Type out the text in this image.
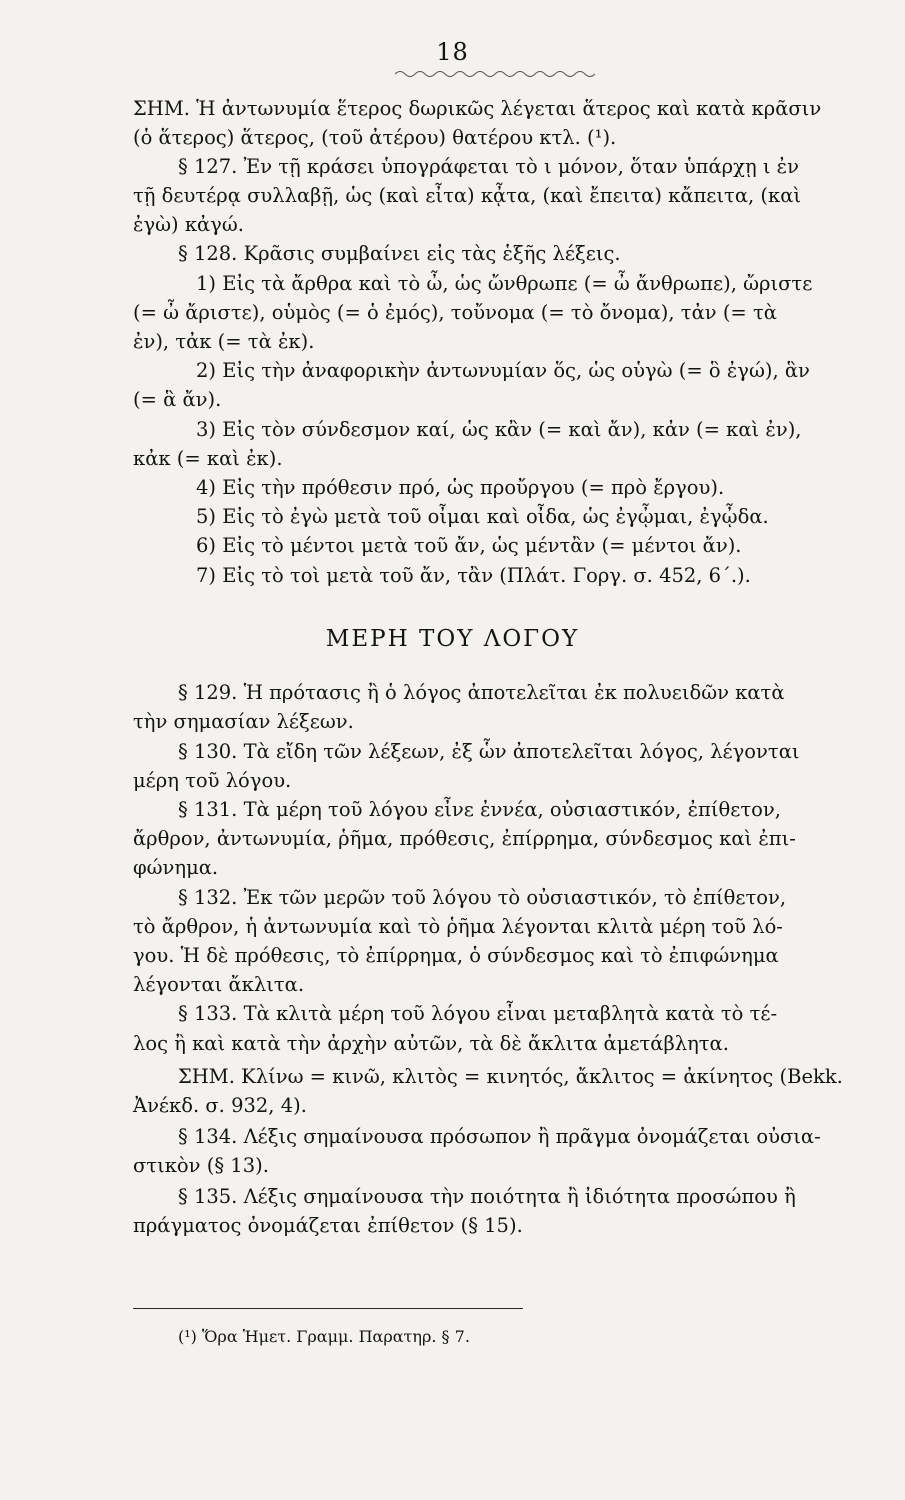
18
ΣΗΜ. Ἡ ἀντωνυμία ἕτερος δωρικῶς λέγεται ἅτερος καὶ κατὰ κρᾶσιν
(ὁ ἅτερος) ἅτερος, (τοῦ ἀτέρου) θατέρου κτλ. (¹).
§ 127. Ἐν τῇ κράσει ὑπογράφεται τὸ ι μόνον, ὅταν ὑπάρχῃ ι ἐν
τῇ δευτέρᾳ συλλαβῇ, ὡς (καὶ εἶτα) κᾆτα, (καὶ ἔπειτα) κἄπειτα, (καὶ
ἐγὼ) κἀγώ.
§ 128. Κρᾶσις συμβαίνει εἰς τὰς ἑξῆς λέξεις.
1) Εἰς τὰ ἄρθρα καὶ τὸ ὦ, ὡς ὤνθρωπε (= ὦ ἄνθρωπε), ὤριστε
(= ὦ ἄριστε), οὑμὸς (= ὁ ἐμός), τοὔνομα (= τὸ ὄνομα), τἀν (= τὰ
ἐν), τἀκ (= τὰ ἐκ).
2) Εἰς τὴν ἀναφορικὴν ἀντωνυμίαν ὅς, ὡς οὑγὼ (= ὃ ἐγώ), ἃν
(= ἃ ἄν).
3) Εἰς τὸν σύνδεσμον καί, ὡς κἂν (= καὶ ἄν), κἀν (= καὶ ἐν),
κἀκ (= καὶ ἐκ).
4) Εἰς τὴν πρόθεσιν πρό, ὡς προὔργου (= πρὸ ἔργου).
5) Εἰς τὸ ἐγὼ μετὰ τοῦ οἶμαι καὶ οἶδα, ὡς ἐγᾦμαι, ἐγᾦδα.
6) Εἰς τὸ μέντοι μετὰ τοῦ ἄν, ὡς μέντἂν (= μέντοι ἄν).
7) Εἰς τὸ τοὶ μετὰ τοῦ ἄν, τἂν (Πλάτ. Γοργ. σ. 452, 6΄.).
ΜΕΡΗ ΤΟΥ ΛΟΓΟΥ
§ 129. Ἡ πρότασις ἢ ὁ λόγος ἀποτελεῖται ἐκ πολυειδῶν κατὰ
τὴν σημασίαν λέξεων.
§ 130. Τὰ εἴδη τῶν λέξεων, ἐξ ὧν ἀποτελεῖται λόγος, λέγονται
μέρη τοῦ λόγου.
§ 131. Τὰ μέρη τοῦ λόγου εἶνε ἐννέα, οὐσιαστικόν, ἐπίθετον,
ἄρθρον, ἀντωνυμία, ῥῆμα, πρόθεσις, ἐπίρρημα, σύνδεσμος καὶ ἐπι-
φώνημα.
§ 132. Ἐκ τῶν μερῶν τοῦ λόγου τὸ οὐσιαστικόν, τὸ ἐπίθετον,
τὸ ἄρθρον, ἡ ἀντωνυμία καὶ τὸ ῥῆμα λέγονται κλιτὰ μέρη τοῦ λό-
γου. Ἡ δὲ πρόθεσις, τὸ ἐπίρρημα, ὁ σύνδεσμος καὶ τὸ ἐπιφώνημα
λέγονται ἄκλιτα.
§ 133. Τὰ κλιτὰ μέρη τοῦ λόγου εἶναι μεταβλητὰ κατὰ τὸ τέ-
λος ἢ καὶ κατὰ τὴν ἀρχὴν αὐτῶν, τὰ δὲ ἄκλιτα ἀμετάβλητα.
ΣΗΜ. Κλίνω = κινῶ, κλιτὸς = κινητός, ἄκλιτος = ἀκίνητος (Bekk.
Ἀνέκδ. σ. 932, 4).
§ 134. Λέξις σημαίνουσα πρόσωπον ἢ πρᾶγμα ὀνομάζεται οὐσια-
στικὸν (§ 13).
§ 135. Λέξις σημαίνουσα τὴν ποιότητα ἢ ἰδιότητα προσώπου ἢ
πράγματος ὀνομάζεται ἐπίθετον (§ 15).
(¹) Ὅρα Ἡμετ. Γραμμ. Παρατηρ. § 7.
